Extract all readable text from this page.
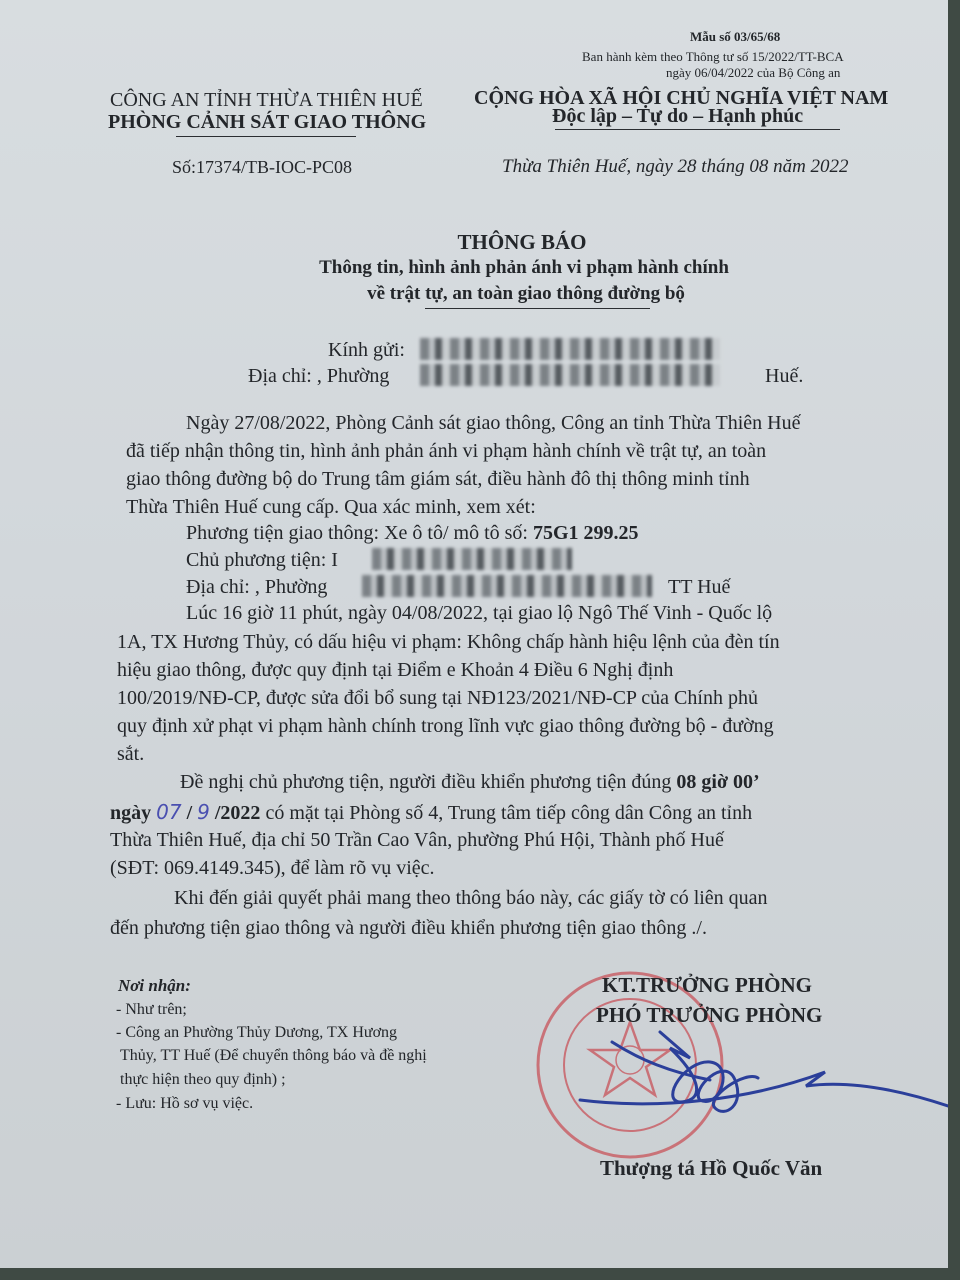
Mẫu số 03/65/68
Ban hành kèm theo Thông tư số 15/2022/TT-BCA
ngày 06/04/2022 của Bộ Công an
CÔNG AN TỈNH THỪA THIÊN HUẾ
PHÒNG CẢNH SÁT GIAO THÔNG
Số:17374/TB-IOC-PC08
CỘNG HÒA XÃ HỘI CHỦ NGHĨA VIỆT NAM
Độc lập – Tự do – Hạnh phúc
Thừa Thiên Huế, ngày 28 tháng 08 năm 2022
THÔNG BÁO
Thông tin, hình ảnh phản ánh vi phạm hành chính
về trật tự, an toàn giao thông đường bộ
Kính gửi:
Địa chỉ: , Phường	Huế.
Ngày 27/08/2022, Phòng Cảnh sát giao thông, Công an tỉnh Thừa Thiên Huế
đã tiếp nhận thông tin, hình ảnh phản ánh vi phạm hành chính về trật tự, an toàn
giao thông đường bộ do Trung tâm giám sát, điều hành đô thị thông minh tỉnh
Thừa Thiên Huế cung cấp. Qua xác minh, xem xét:
Phương tiện giao thông: Xe ô tô/ mô tô số: 75G1 299.25
Chủ phương tiện: I
Địa chỉ: , Phường	TT Huế
Lúc 16 giờ 11 phút, ngày 04/08/2022, tại giao lộ Ngô Thế Vinh - Quốc lộ
1A, TX Hương Thủy, có dấu hiệu vi phạm: Không chấp hành hiệu lệnh của đèn tín
hiệu giao thông, được quy định tại Điểm e Khoản 4 Điều 6 Nghị định
100/2019/NĐ-CP, được sửa đổi bổ sung tại NĐ123/2021/NĐ-CP của Chính phủ
quy định xử phạt vi phạm hành chính trong lĩnh vực giao thông đường bộ - đường
sắt.
Đề nghị chủ phương tiện, người điều khiển phương tiện đúng 08 giờ 00’
ngày 07 / 9 /2022 có mặt tại Phòng số 4, Trung tâm tiếp công dân Công an tỉnh
Thừa Thiên Huế, địa chỉ 50 Trần Cao Vân, phường Phú Hội, Thành phố Huế
(SĐT: 069.4149.345), để làm rõ vụ việc.
Khi đến giải quyết phải mang theo thông báo này, các giấy tờ có liên quan
đến phương tiện giao thông và người điều khiển phương tiện giao thông ./.
Nơi nhận:
- Như trên;
- Công an Phường Thủy Dương, TX Hương
Thủy, TT Huế (Để chuyển thông báo và đề nghị
thực hiện theo quy định) ;
- Lưu: Hồ sơ vụ việc.
KT.TRƯỞNG PHÒNG
PHÓ TRƯỞNG PHÒNG
Thượng tá Hồ Quốc Văn
